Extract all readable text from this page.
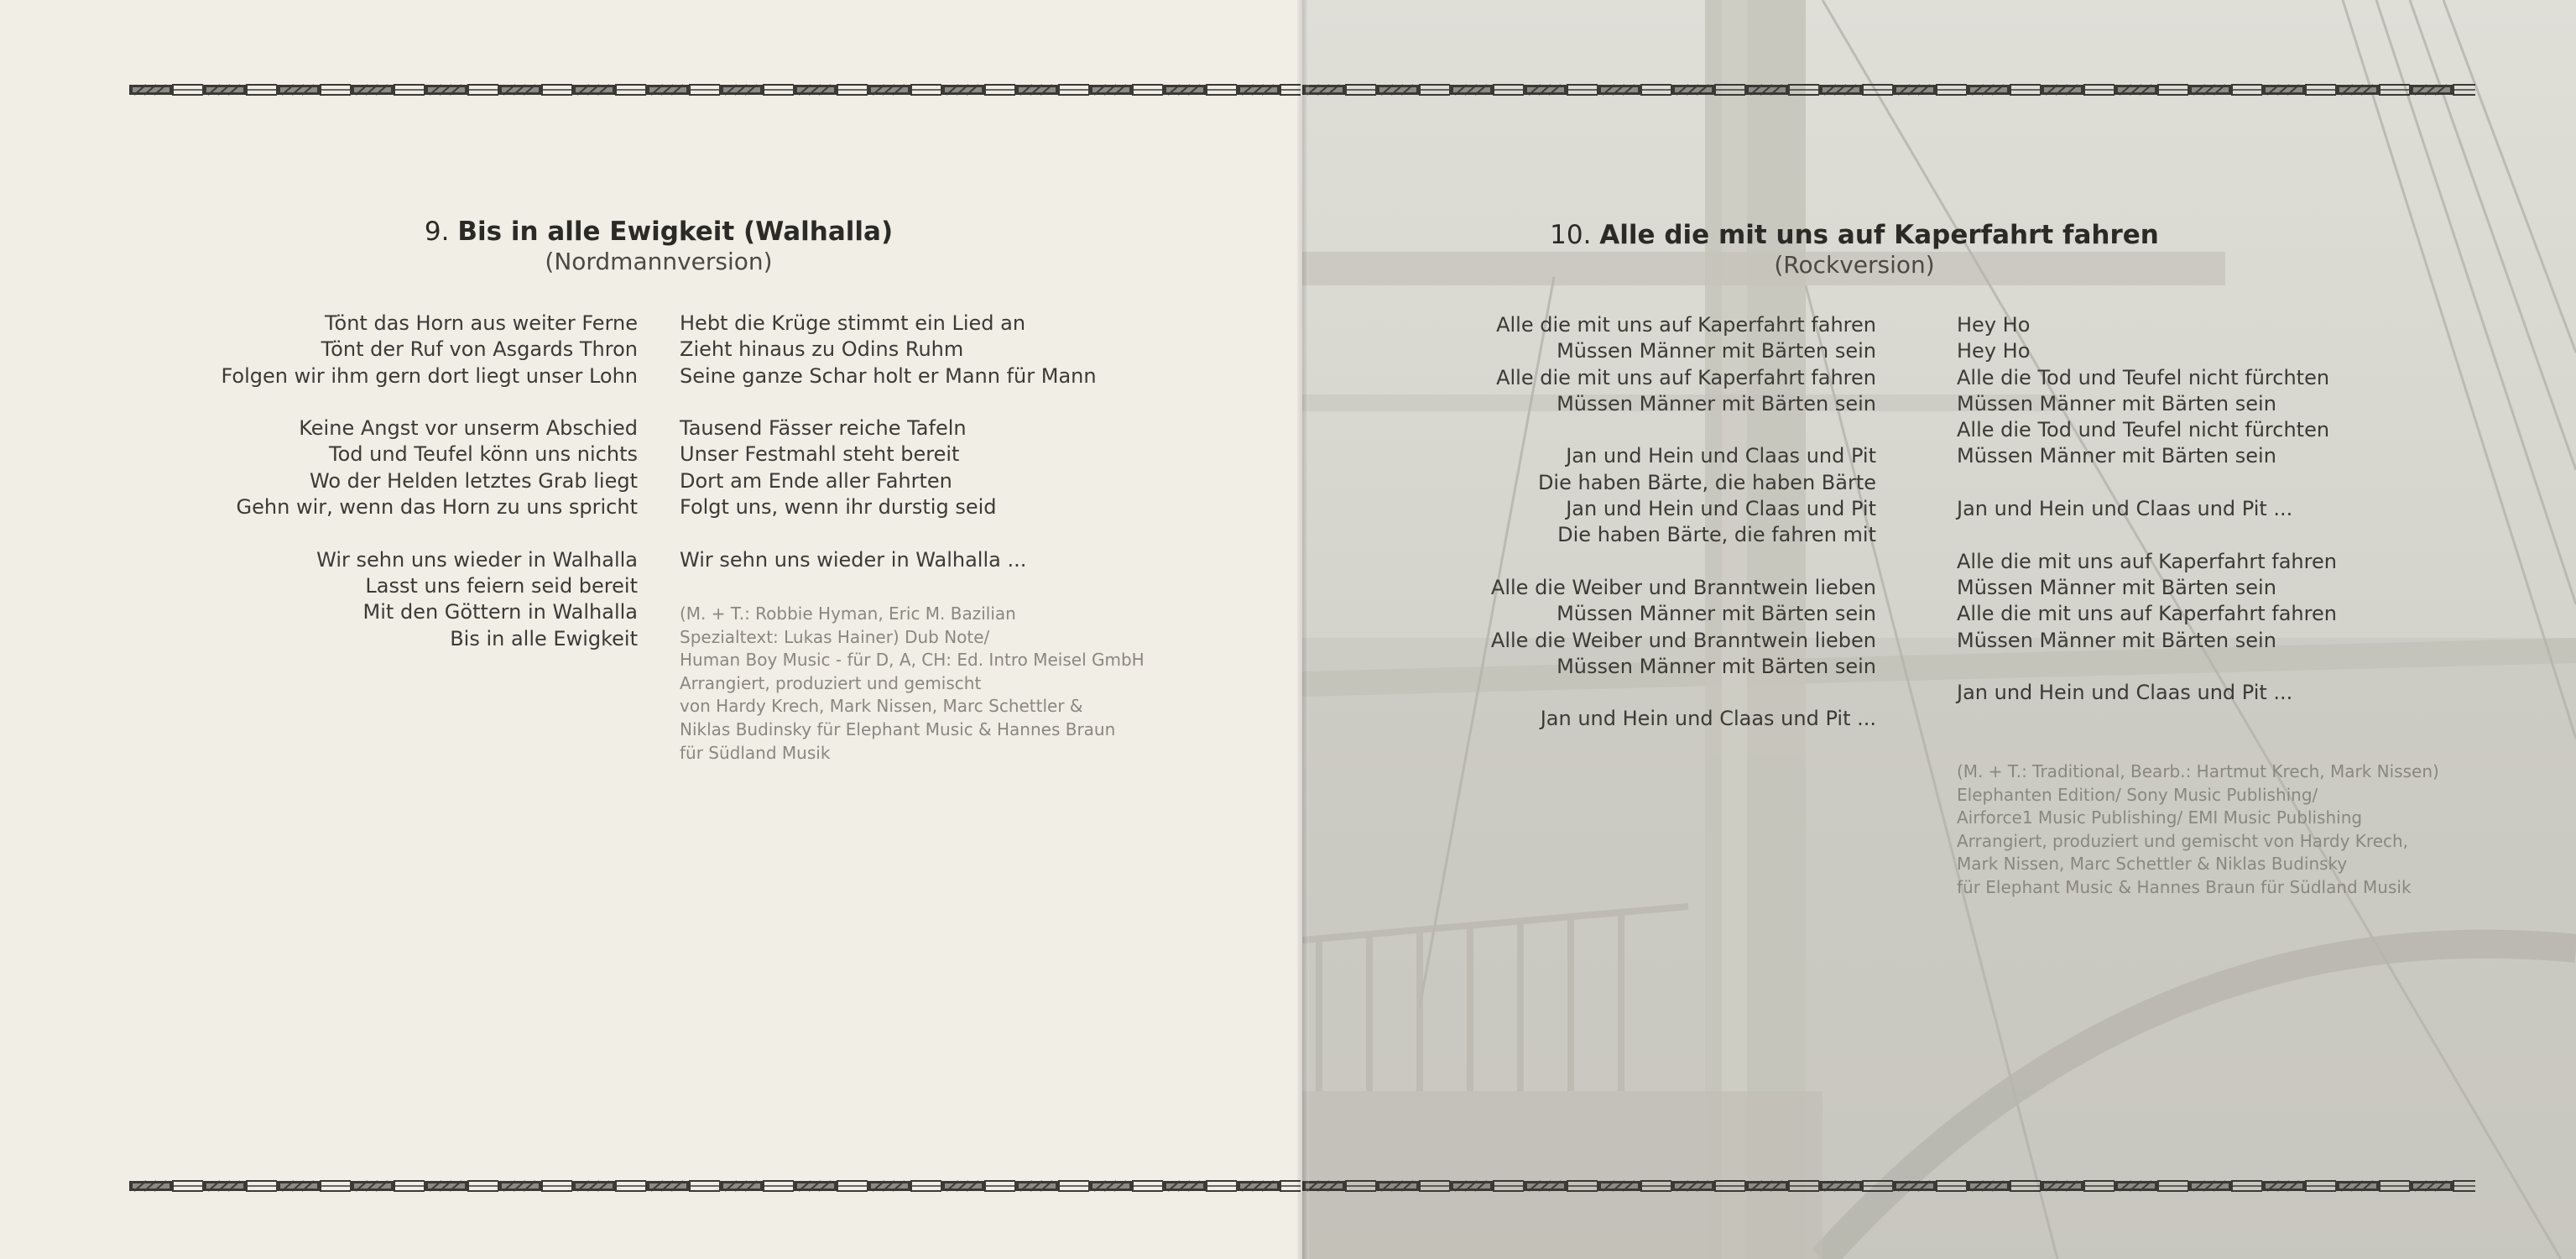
9. Bis in alle Ewigkeit (Walhalla)
(Nordmannversion)
Tönt das Horn aus weiter Ferne
Tönt der Ruf von Asgards Thron
Folgen wir ihm gern dort liegt unser Lohn
Keine Angst vor unserm Abschied
Tod und Teufel könn uns nichts
Wo der Helden letztes Grab liegt
Gehn wir, wenn das Horn zu uns spricht
Wir sehn uns wieder in Walhalla
Lasst uns feiern seid bereit
Mit den Göttern in Walhalla
Bis in alle Ewigkeit
Hebt die Krüge stimmt ein Lied an
Zieht hinaus zu Odins Ruhm
Seine ganze Schar holt er Mann für Mann
Tausend Fässer reiche Tafeln
Unser Festmahl steht bereit
Dort am Ende aller Fahrten
Folgt uns, wenn ihr durstig seid
Wir sehn uns wieder in Walhalla ...
(M. + T.: Robbie Hyman, Eric M. Bazilian
Spezialtext: Lukas Hainer) Dub Note/
Human Boy Music - für D, A, CH: Ed. Intro Meisel GmbH
Arrangiert, produziert und gemischt
von Hardy Krech, Mark Nissen, Marc Schettler &
Niklas Budinsky für Elephant Music & Hannes Braun
für Südland Musik
10. Alle die mit uns auf Kaperfahrt fahren
(Rockversion)
Alle die mit uns auf Kaperfahrt fahren
Müssen Männer mit Bärten sein
Alle die mit uns auf Kaperfahrt fahren
Müssen Männer mit Bärten sein
Jan und Hein und Claas und Pit
Die haben Bärte, die haben Bärte
Jan und Hein und Claas und Pit
Die haben Bärte, die fahren mit
Alle die Weiber und Branntwein lieben
Müssen Männer mit Bärten sein
Alle die Weiber und Branntwein lieben
Müssen Männer mit Bärten sein
Jan und Hein und Claas und Pit ...
Hey Ho
Hey Ho
Alle die Tod und Teufel nicht fürchten
Müssen Männer mit Bärten sein
Alle die Tod und Teufel nicht fürchten
Müssen Männer mit Bärten sein
Jan und Hein und Claas und Pit ...
Alle die mit uns auf Kaperfahrt fahren
Müssen Männer mit Bärten sein
Alle die mit uns auf Kaperfahrt fahren
Müssen Männer mit Bärten sein
Jan und Hein und Claas und Pit ...
(M. + T.: Traditional, Bearb.: Hartmut Krech, Mark Nissen)
Elephanten Edition/ Sony Music Publishing/
Airforce1 Music Publishing/ EMI Music Publishing
Arrangiert, produziert und gemischt von Hardy Krech,
Mark Nissen, Marc Schettler & Niklas Budinsky
für Elephant Music & Hannes Braun für Südland Musik
